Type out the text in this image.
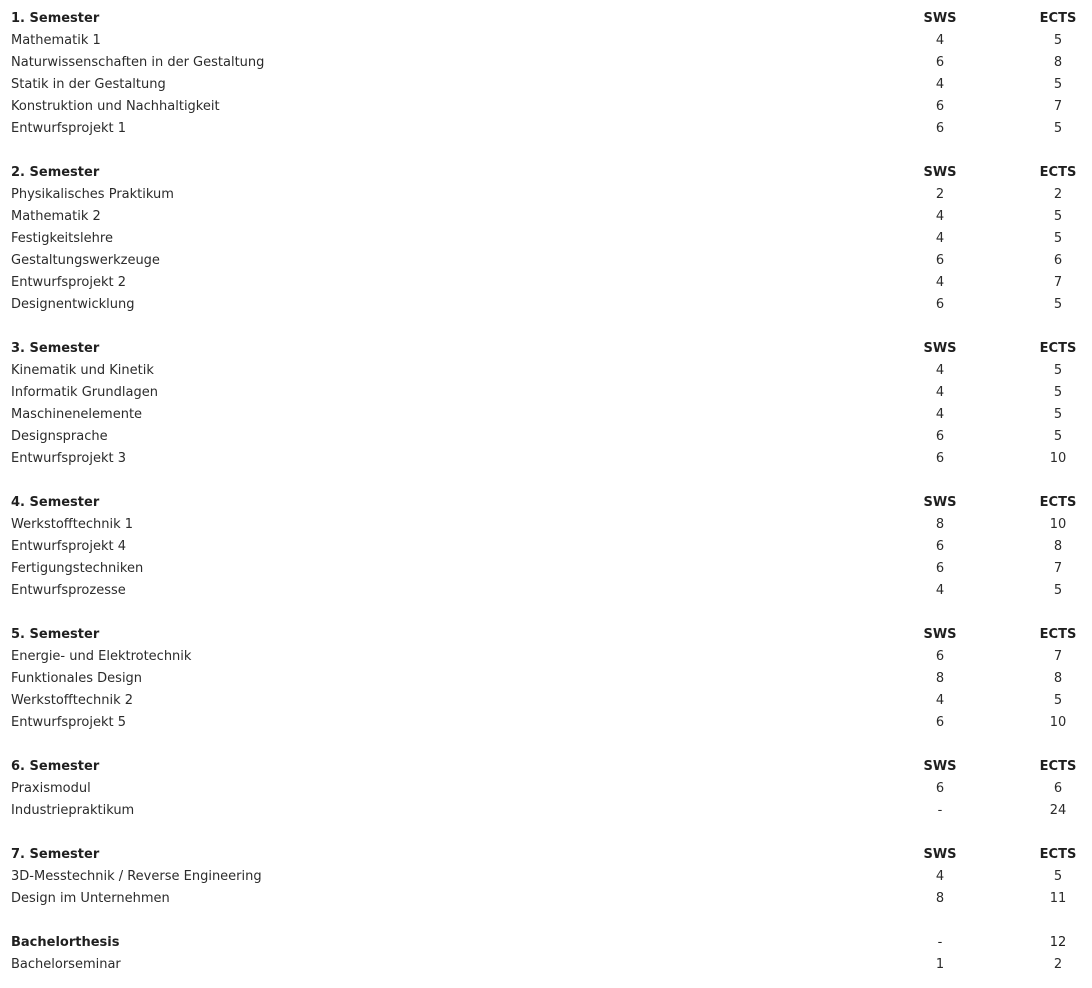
1. Semester	SWS	ECTS
Mathematik 1	4	5
Naturwissenschaften in der Gestaltung	6	8
Statik in der Gestaltung	4	5
Konstruktion und Nachhaltigkeit	6	7
Entwurfsprojekt 1	6	5
2. Semester	SWS	ECTS
Physikalisches Praktikum	2	2
Mathematik 2	4	5
Festigkeitslehre	4	5
Gestaltungswerkzeuge	6	6
Entwurfsprojekt 2	4	7
Designentwicklung	6	5
3. Semester	SWS	ECTS
Kinematik und Kinetik	4	5
Informatik Grundlagen	4	5
Maschinenelemente	4	5
Designsprache	6	5
Entwurfsprojekt 3	6	10
4. Semester	SWS	ECTS
Werkstofftechnik 1	8	10
Entwurfsprojekt 4	6	8
Fertigungstechniken	6	7
Entwurfsprozesse	4	5
5. Semester	SWS	ECTS
Energie- und Elektrotechnik	6	7
Funktionales Design	8	8
Werkstofftechnik 2	4	5
Entwurfsprojekt 5	6	10
6. Semester	SWS	ECTS
Praxismodul	6	6
Industriepraktikum	-	24
7. Semester	SWS	ECTS
3D-Messtechnik / Reverse Engineering	4	5
Design im Unternehmen	8	11
Bachelorthesis	-	12
Bachelorseminar	1	2
